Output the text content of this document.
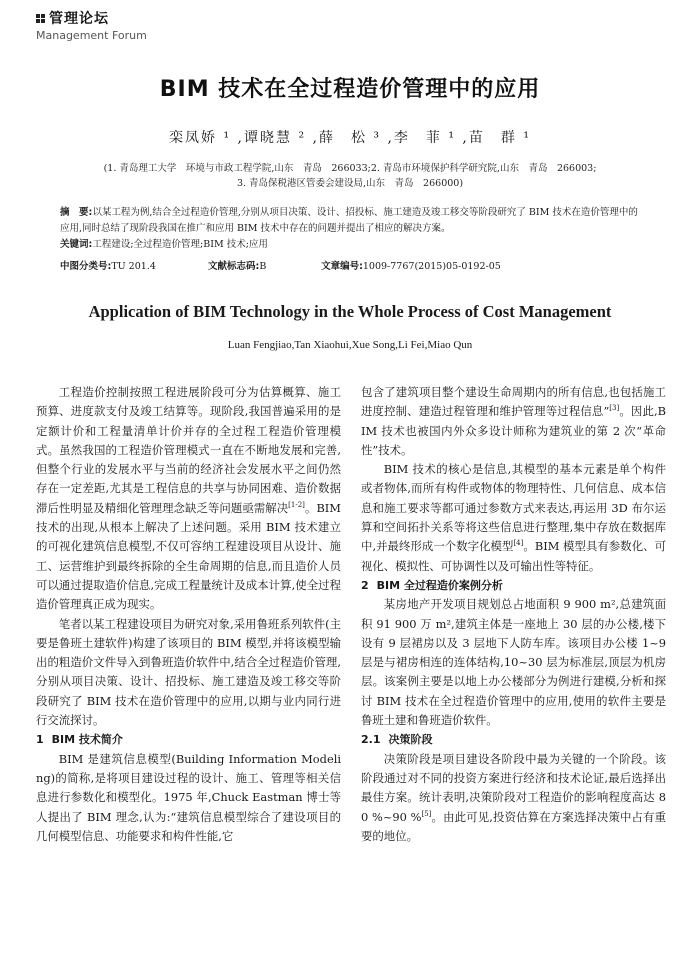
管理论坛
Management Forum
BIM 技术在全过程造价管理中的应用
栾凤娇 ¹ ,谭晓慧 ² ,薛　松 ³ ,李　菲 ¹ ,苗　群 ¹
(1. 青岛理工大学　环境与市政工程学院,山东　青岛　266033;2. 青岛市环境保护科学研究院,山东　青岛　266003;
3. 青岛保税港区管委会建设局,山东　青岛　266000)
摘　要:以某工程为例,结合全过程造价管理,分别从项目决策、设计、招投标、施工建造及竣工移交等阶段研究了 BIM 技术在造价管理中的应用,同时总结了现阶段我国在推广和应用 BIM 技术中存在的问题并提出了相应的解决方案。
关键词:工程建设;全过程造价管理;BIM 技术;应用
中图分类号:TU 201.4	文献标志码:B	文章编号:1009-7767(2015)05-0192-05
Application of BIM Technology in the Whole Process of Cost Management
Luan Fengjiao,Tan Xiaohui,Xue Song,Li Fei,Miao Qun

工程造价控制按照工程进展阶段可分为估算概算、施工预算、进度款支付及竣工结算等。现阶段,我国普遍采用的是定额计价和工程量清单计价并存的全过程工程造价管理模式。虽然我国的工程造价管理模式一直在不断地发展和完善,但整个行业的发展水平与当前的经济社会发展水平之间仍然存在一定差距,尤其是工程信息的共享与协同困难、造价数据滞后性明显及精细化管理理念缺乏等问题亟需解决[1-2]。BIM 技术的出现,从根本上解决了上述问题。采用 BIM 技术建立的可视化建筑信息模型,不仅可容纳工程建设项目从设计、施工、运营维护到最终拆除的全生命周期的信息,而且造价人员可以通过提取造价信息,完成工程量统计及成本计算,使全过程造价管理真正成为现实。

笔者以某工程建设项目为研究对象,采用鲁班系列软件(主要是鲁班土建软件)构建了该项目的 BIM 模型,并将该模型输出的粗造价文件导入到鲁班造价软件中,结合全过程造价管理,分别从项目决策、设计、招投标、施工建造及竣工移交等阶段研究了 BIM 技术在造价管理中的应用,以期与业内同行进行交流探讨。

1 BIM 技术简介

BIM 是建筑信息模型(Building Information Modeling)的简称,是将项目建设过程的设计、施工、管理等相关信息进行参数化和模型化。1975 年,Chuck Eastman 博士等人提出了 BIM 理念,认为:“建筑信息模型综合了建设项目的几何模型信息、功能要求和构件性能,它

包含了建筑项目整个建设生命周期内的所有信息,也包括施工进度控制、建造过程管理和维护管理等过程信息”[3]。因此,BIM 技术也被国内外众多设计师称为建筑业的第 2 次“革命性”技术。

BIM 技术的核心是信息,其模型的基本元素是单个构件或者物体,而所有构件或物体的物理特性、几何信息、成本信息和施工要求等都可通过参数方式来表达,再运用 3D 布尔运算和空间拓扑关系等将这些信息进行整理,集中存放在数据库中,并最终形成一个数字化模型[4]。BIM 模型具有参数化、可视化、模拟性、可协调性以及可输出性等特征。

2 BIM 全过程造价案例分析

某房地产开发项目规划总占地面积 9 900 m²,总建筑面积 91 900 万 m²,建筑主体是一座地上 30 层的办公楼,楼下设有 9 层裙房以及 3 层地下人防车库。该项目办公楼 1~9 层是与裙房相连的连体结构,10~30 层为标准层,顶层为机房层。该案例主要是以地上办公楼部分为例进行建模,分析和探讨 BIM 技术在全过程造价管理中的应用,使用的软件主要是鲁班土建和鲁班造价软件。

2.1 决策阶段

决策阶段是项目建设各阶段中最为关键的一个阶段。该阶段通过对不同的投资方案进行经济和技术论证,最后选择出最佳方案。统计表明,决策阶段对工程造价的影响程度高达 80 %~90 %[5]。由此可见,投资估算在方案选择决策中占有重要的地位。
